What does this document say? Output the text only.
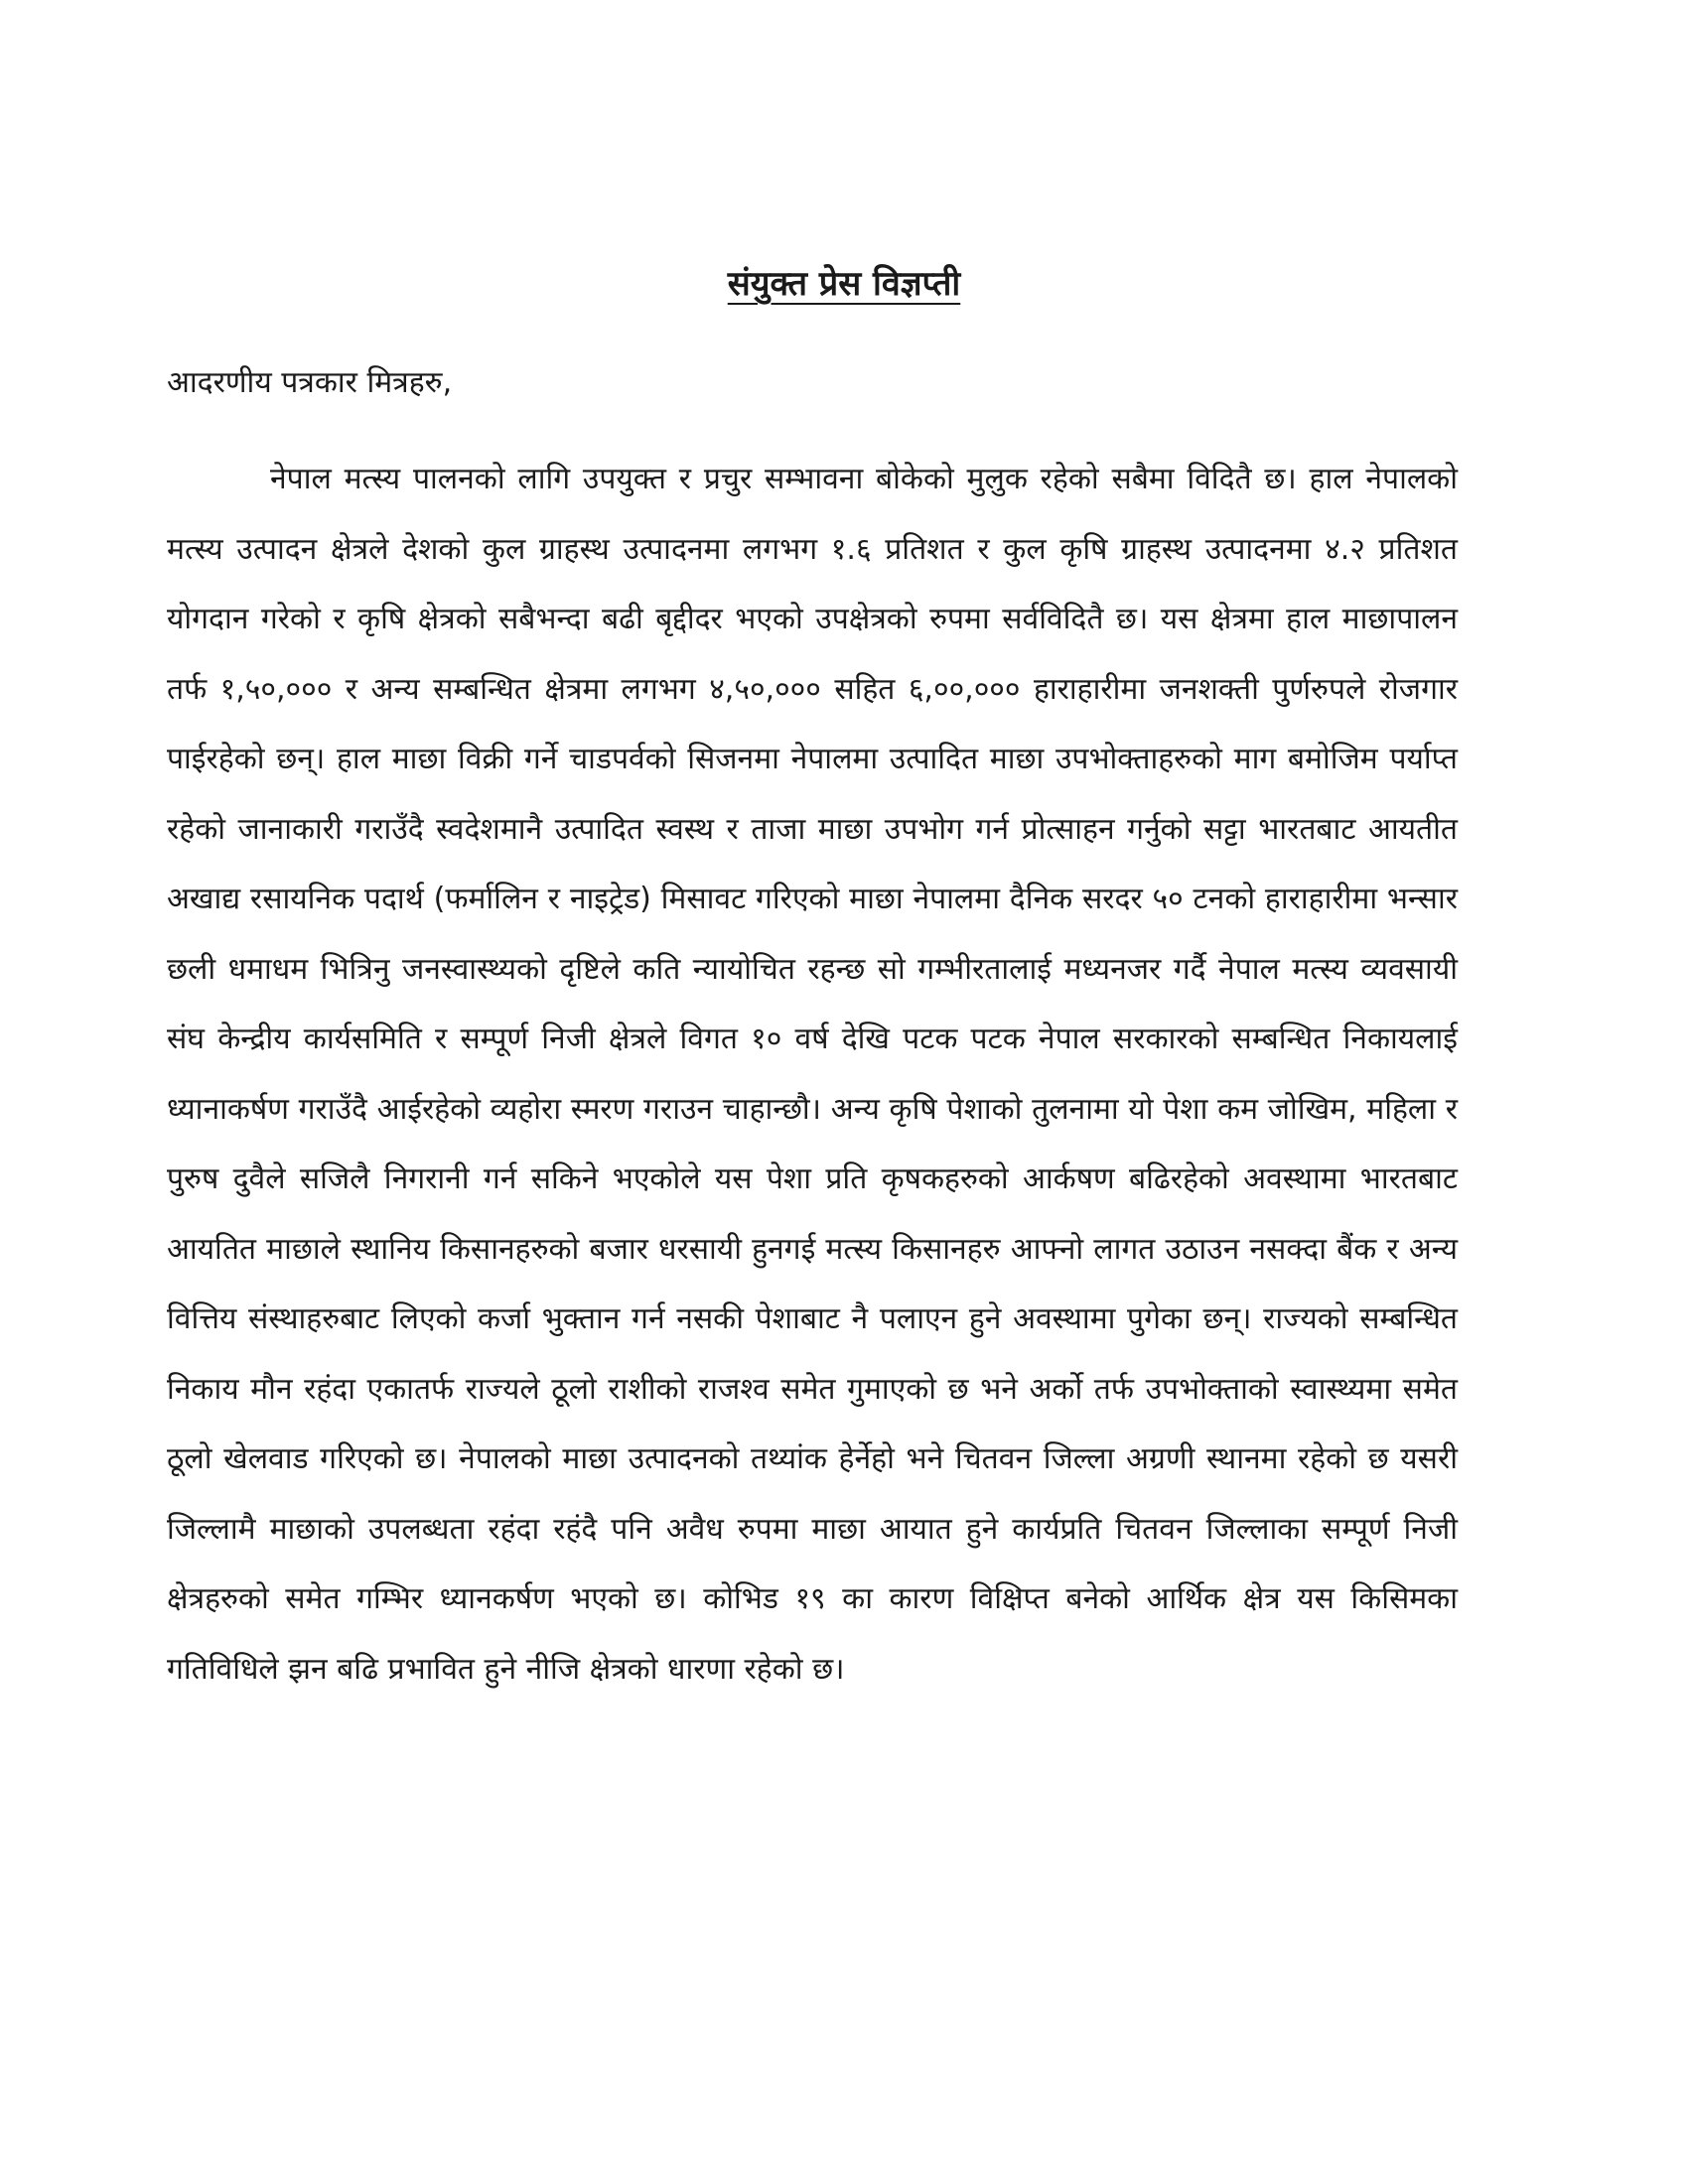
संयुक्त प्रेस विज्ञप्ती
आदरणीय पत्रकार मित्रहरु,

नेपाल मत्स्य पालनको लागि उपयुक्त र प्रचुर सम्भावना बोकेको मुलुक रहेको सबैमा विदितै छ। हाल नेपालको मत्स्य उत्पादन क्षेत्रले देशको कुल ग्राहस्थ उत्पादनमा लगभग १.६ प्रतिशत र कुल कृषि ग्राहस्थ उत्पादनमा ४.२ प्रतिशत योगदान गरेको र कृषि क्षेत्रको सबैभन्दा बढी बृद्दीदर भएको उपक्षेत्रको रुपमा सर्वविदितै छ। यस क्षेत्रमा हाल माछापालन तर्फ १,५०,००० र अन्य सम्बन्धित क्षेत्रमा लगभग ४,५०,००० सहित ६,००,००० हाराहारीमा जनशक्ती पुर्णरुपले रोजगार पाईरहेको छन्। हाल माछा विक्री गर्ने चाडपर्वको सिजनमा नेपालमा उत्पादित माछा उपभोक्ताहरुको माग बमोजिम पर्याप्त रहेको जानाकारी गराउँदै स्वदेशमानै उत्पादित स्वस्थ र ताजा माछा उपभोग गर्न प्रोत्साहन गर्नुको सट्टा भारतबाट आयतीत अखाद्य रसायनिक पदार्थ (फर्मालिन र नाइट्रेड) मिसावट गरिएको माछा नेपालमा दैनिक सरदर ५० टनको हाराहारीमा भन्सार छली धमाधम भित्रिनु जनस्वास्थ्यको दृष्टिले कति न्यायोचित रहन्छ सो गम्भीरतालाई मध्यनजर गर्दै नेपाल मत्स्य व्यवसायी संघ केन्द्रीय कार्यसमिति र सम्पूर्ण निजी क्षेत्रले विगत १० वर्ष देखि पटक पटक नेपाल सरकारको सम्बन्धित निकायलाई ध्यानाकर्षण गराउँदै आईरहेको व्यहोरा स्मरण गराउन चाहान्छौ। अन्य कृषि पेशाको तुलनामा यो पेशा कम जोखिम, महिला र पुरुष दुवैले सजिलै निगरानी गर्न सकिने भएकोले यस पेशा प्रति कृषकहरुको आर्कषण बढिरहेको अवस्थामा भारतबाट आयतित माछाले स्थानिय किसानहरुको बजार धरसायी हुनगई मत्स्य किसानहरु आफ्नो लागत उठाउन नसक्दा बैंक र अन्य वित्तिय संस्थाहरुबाट लिएको कर्जा भुक्तान गर्न नसकी पेशाबाट नै पलाएन हुने अवस्थामा पुगेका छन्। राज्यको सम्बन्धित निकाय मौन रहंदा एकातर्फ राज्यले ठूलो राशीको राजश्व समेत गुमाएको छ भने अर्को तर्फ उपभोक्ताको स्वास्थ्यमा समेत ठूलो खेलवाड गरिएको छ। नेपालको माछा उत्पादनको तथ्यांक हेर्नेहो भने चितवन जिल्ला अग्रणी स्थानमा रहेको छ यसरी जिल्लामै माछाको उपलब्धता रहंदा रहंदै पनि अवैध रुपमा माछा आयात हुने कार्यप्रति चितवन जिल्लाका सम्पूर्ण निजी क्षेत्रहरुको समेत गम्भिर ध्यानकर्षण भएको छ। कोभिड १९ का कारण विक्षिप्त बनेको आर्थिक क्षेत्र यस किसिमका गतिविधिले झन बढि प्रभावित हुने नीजि क्षेत्रको धारणा रहेको छ।
